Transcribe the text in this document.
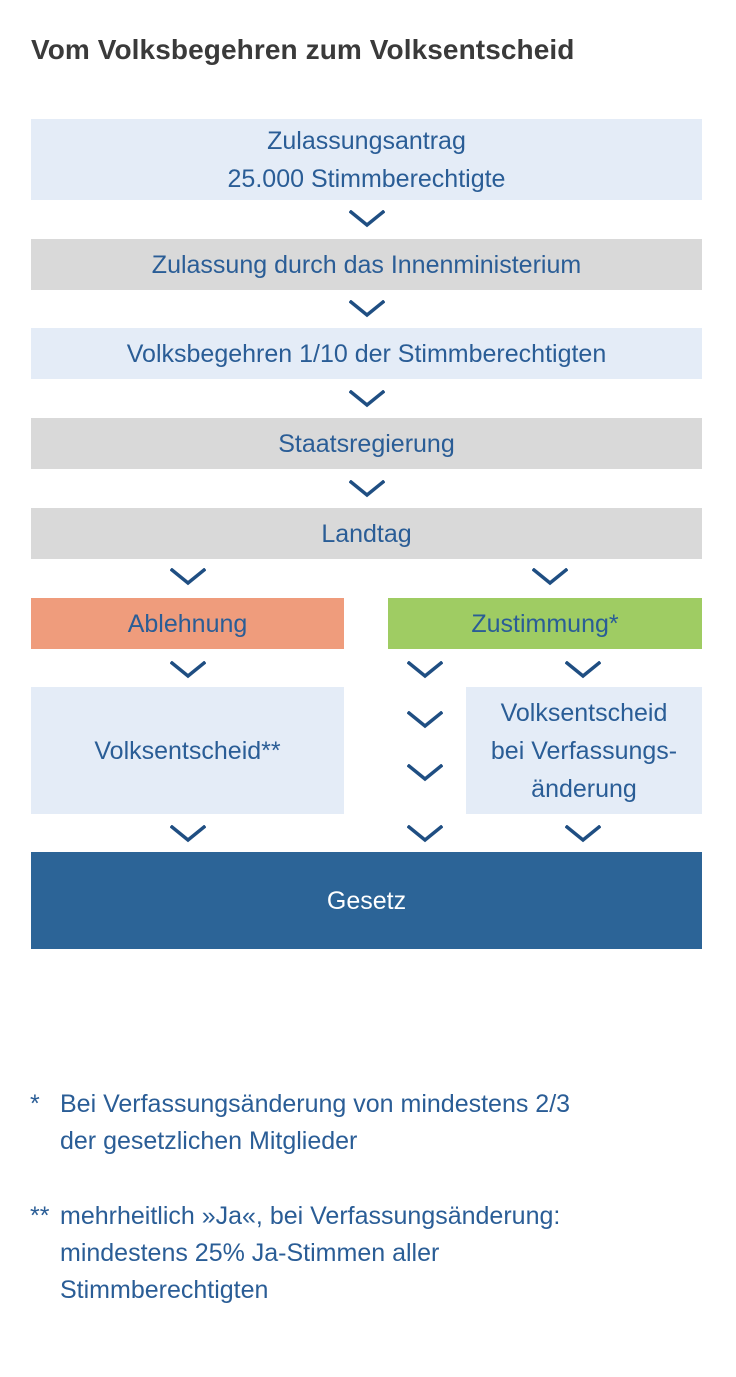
Vom Volksbegehren zum Volksentscheid
Zulassungsantrag
25.000 Stimmberechtigte
Zulassung durch das Innenministerium
Volksbegehren 1/10 der Stimmberechtigten
Staatsregierung
Landtag
Ablehnung	Zustimmung*
Volksentscheid**
Volksentscheid
bei Verfassungs-
änderung
Gesetz
* Bei Verfassungsänderung von mindestens 2/3
der gesetzlichen Mitglieder
** mehrheitlich »Ja«, bei Verfassungsänderung:
mindestens 25% Ja-Stimmen aller
Stimmberechtigten
